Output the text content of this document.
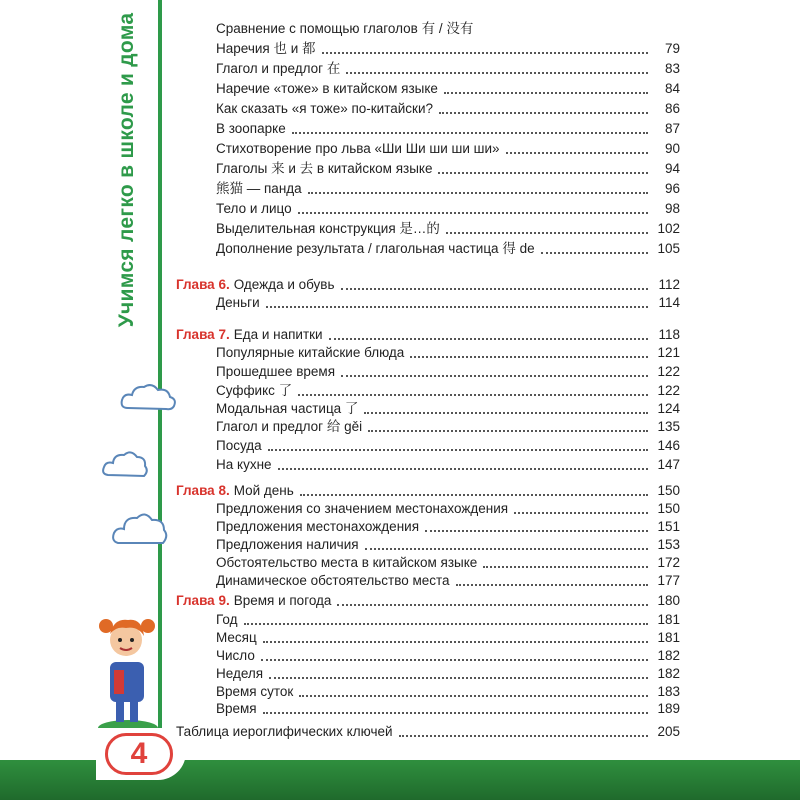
Учимся легко в школе и дома
4
Сравнение с помощью глаголов 有 / 没有
Наречия 也 и 都	79
Глагол и предлог 在	83
Наречие «тоже» в китайском языке	84
Как сказать «я тоже» по-китайски?	86
В зоопарке	87
Стихотворение про льва «Ши Ши ши ши ши»	90
Глаголы 来 и 去 в китайском языке	94
熊猫 — панда	96
Тело и лицо	98
Выделительная конструкция 是…的	102
Дополнение результата / глагольная частица 得 de	105
Глава 6. Одежда и обувь	112
Деньги	114
Глава 7. Еда и напитки	118
Популярные китайские блюда	121
Прошедшее время	122
Суффикс 了	122
Модальная частица 了	124
Глагол и предлог 给 gěi	135
Посуда	146
На кухне	147
Глава 8. Мой день	150
Предложения со значением местонахождения	150
Предложения местонахождения	151
Предложения наличия	153
Обстоятельство места в китайском языке	172
Динамическое обстоятельство места	177
Глава 9. Время и погода	180
Год	181
Месяц	181
Число	182
Неделя	182
Время суток	183
Время	189
Таблица иероглифических ключей	205
